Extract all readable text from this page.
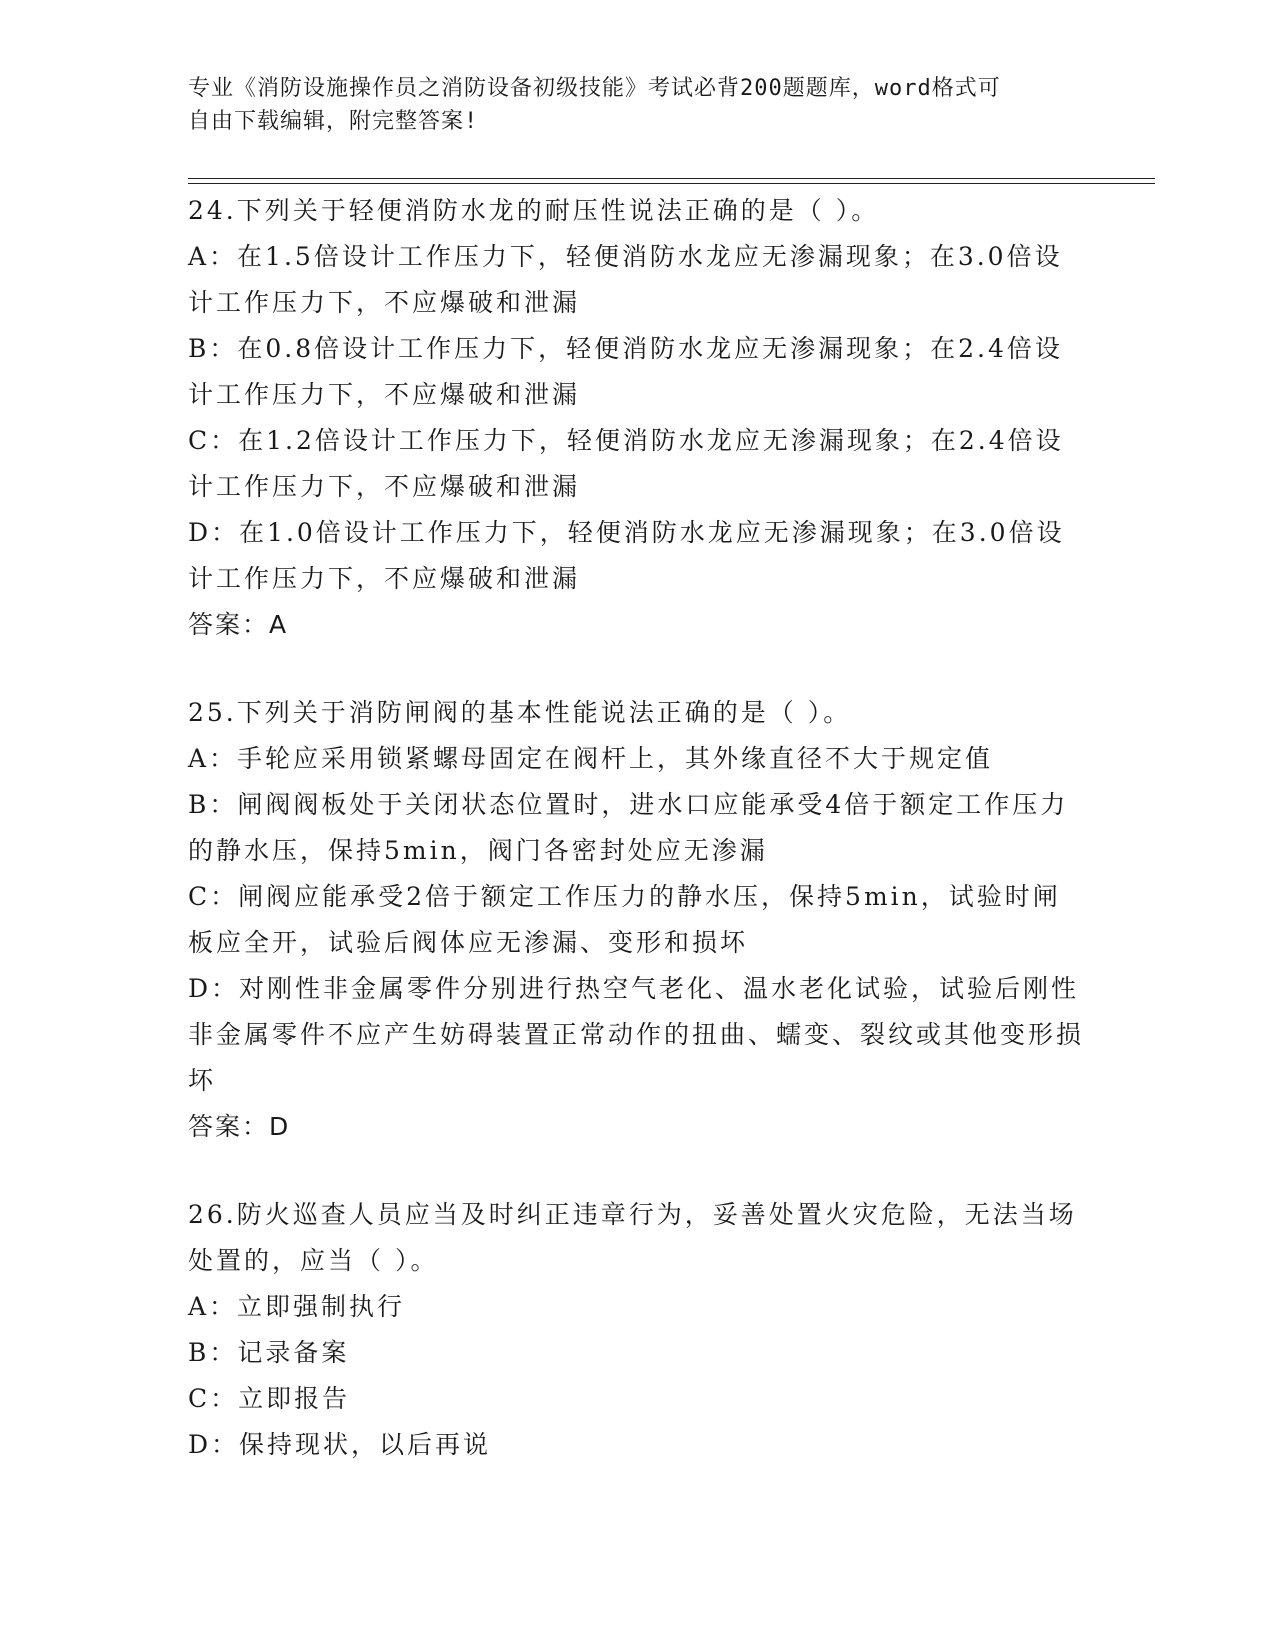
专业《消防设施操作员之消防设备初级技能》考试必背200题题库，word格式可
自由下载编辑，附完整答案!

24.下列关于轻便消防水龙的耐压性说法正确的是（ ）。

A：在1.5倍设计工作压力下，轻便消防水龙应无渗漏现象；在3.0倍设计工作压力下，不应爆破和泄漏

B：在0.8倍设计工作压力下，轻便消防水龙应无渗漏现象；在2.4倍设计工作压力下，不应爆破和泄漏

C：在1.2倍设计工作压力下，轻便消防水龙应无渗漏现象；在2.4倍设计工作压力下，不应爆破和泄漏

D：在1.0倍设计工作压力下，轻便消防水龙应无渗漏现象；在3.0倍设计工作压力下，不应爆破和泄漏

答案：A

25.下列关于消防闸阀的基本性能说法正确的是（ ）。

A：手轮应采用锁紧螺母固定在阀杆上，其外缘直径不大于规定值

B：闸阀阀板处于关闭状态位置时，进水口应能承受4倍于额定工作压力的静水压，保持5min，阀门各密封处应无渗漏

C：闸阀应能承受2倍于额定工作压力的静水压，保持5min，试验时闸板应全开，试验后阀体应无渗漏、变形和损坏

D：对刚性非金属零件分别进行热空气老化、温水老化试验，试验后刚性非金属零件不应产生妨碍装置正常动作的扭曲、蠕变、裂纹或其他变形损坏

答案：D

26.防火巡查人员应当及时纠正违章行为，妥善处置火灾危险，无法当场处置的，应当（ ）。

A：立即强制执行

B：记录备案

C：立即报告

D：保持现状，以后再说
